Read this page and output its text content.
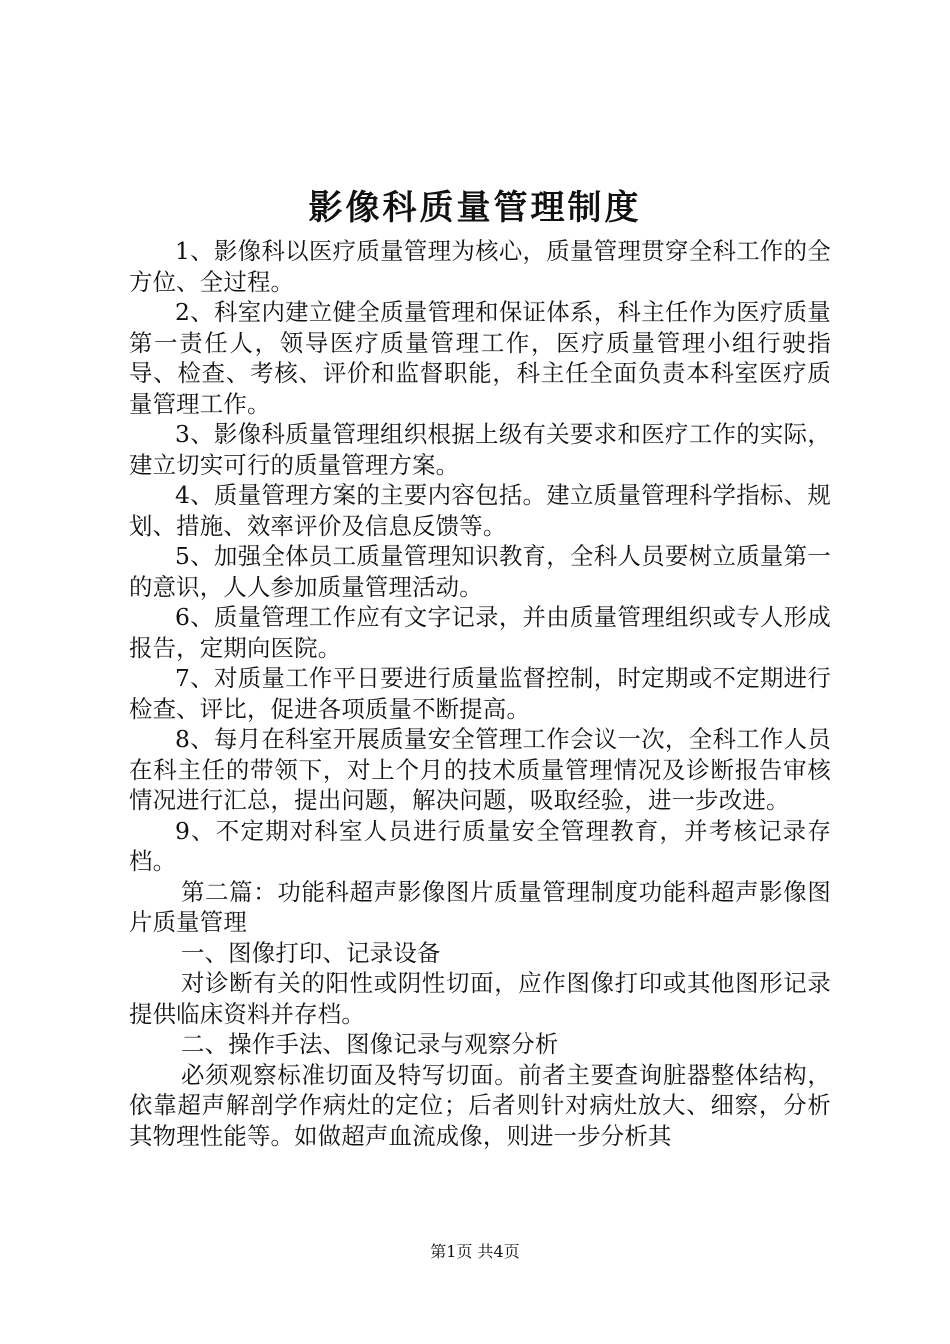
影像科质量管理制度

1、影像科以医疗质量管理为核心，质量管理贯穿全科工作的全方位、全过程。

2、科室内建立健全质量管理和保证体系，科主任作为医疗质量第一责任人，领导医疗质量管理工作，医疗质量管理小组行驶指导、检查、考核、评价和监督职能，科主任全面负责本科室医疗质量管理工作。

3、影像科质量管理组织根据上级有关要求和医疗工作的实际，建立切实可行的质量管理方案。

4、质量管理方案的主要内容包括。建立质量管理科学指标、规划、措施、效率评价及信息反馈等。

5、加强全体员工质量管理知识教育，全科人员要树立质量第一的意识，人人参加质量管理活动。

6、质量管理工作应有文字记录，并由质量管理组织或专人形成报告，定期向医院。

7、对质量工作平日要进行质量监督控制，时定期或不定期进行检查、评比，促进各项质量不断提高。

8、每月在科室开展质量安全管理工作会议一次，全科工作人员在科主任的带领下，对上个月的技术质量管理情况及诊断报告审核情况进行汇总，提出问题，解决问题，吸取经验，进一步改进。

9、不定期对科室人员进行质量安全管理教育，并考核记录存档。

第二篇：功能科超声影像图片质量管理制度功能科超声影像图片质量管理

一、图像打印、记录设备

对诊断有关的阳性或阴性切面，应作图像打印或其他图形记录提供临床资料并存档。

二、操作手法、图像记录与观察分析

必须观察标准切面及特写切面。前者主要查询脏器整体结构，依靠超声解剖学作病灶的定位；后者则针对病灶放大、细察，分析其物理性能等。如做超声血流成像，则进一步分析其

第1页 共4页
